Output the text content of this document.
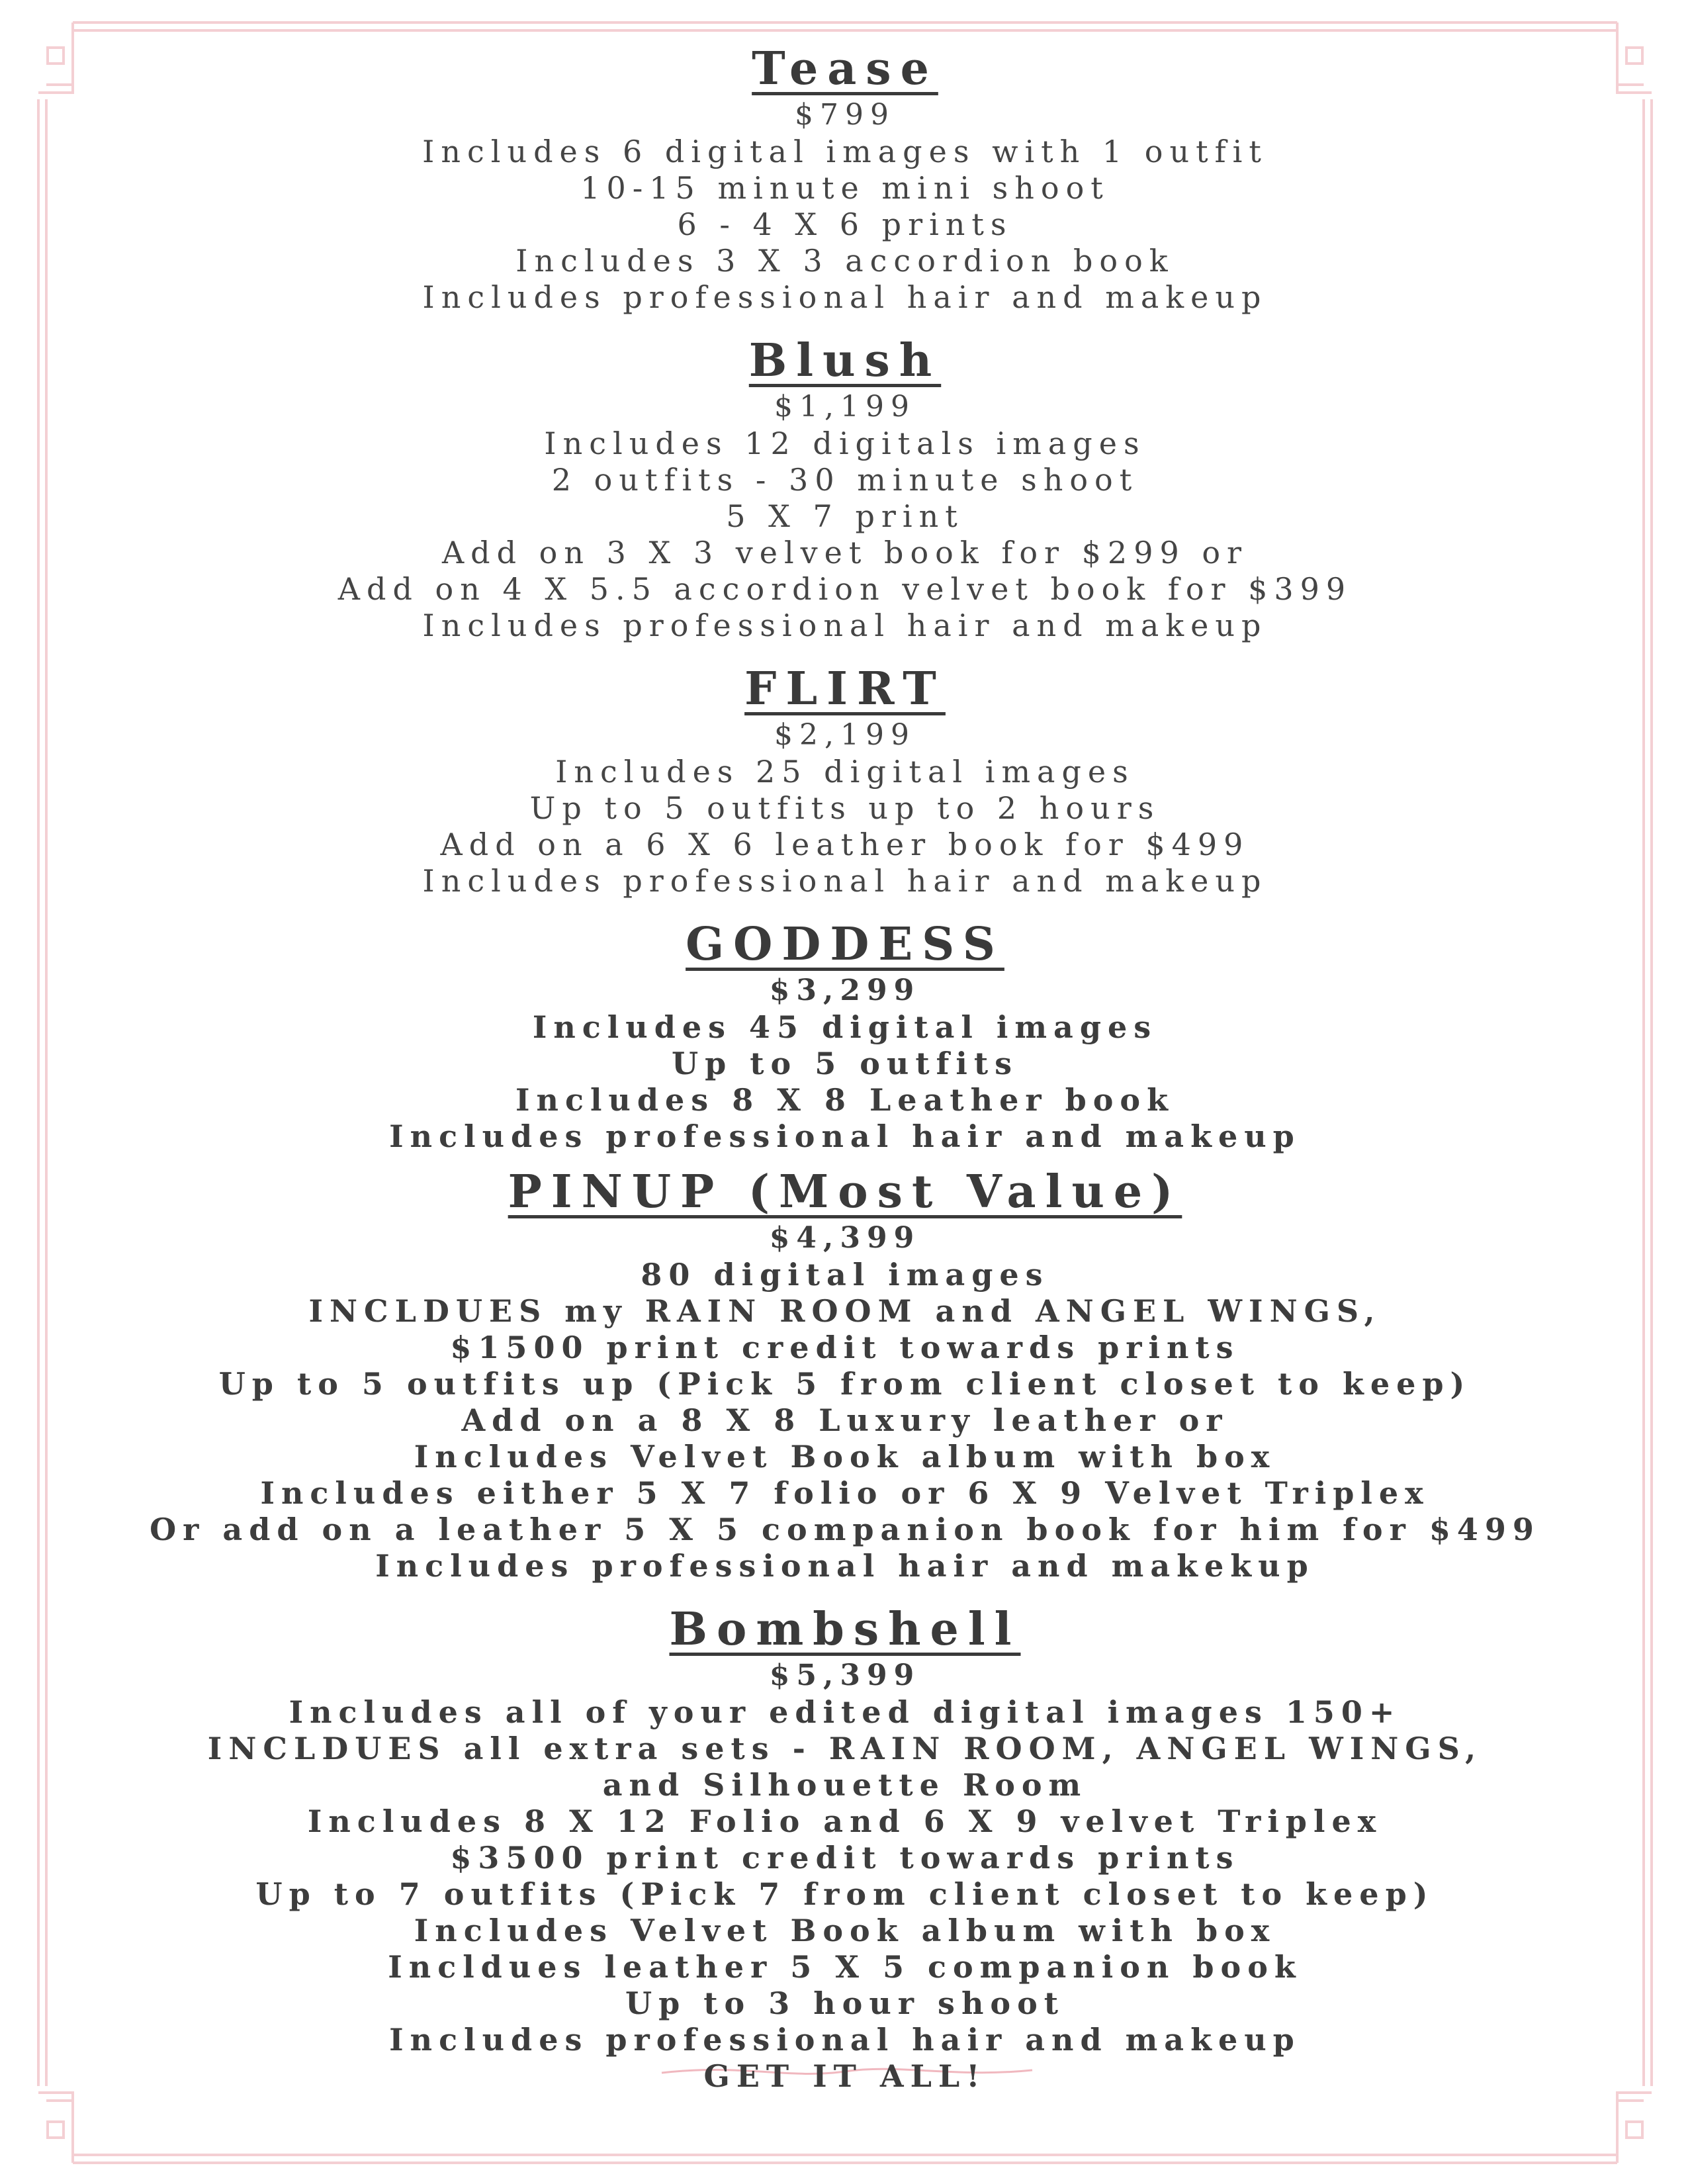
Tease
$799
Includes 6 digital images with 1 outfit
10-15 minute mini shoot
6 - 4 X 6 prints
Includes 3 X 3 accordion book
Includes professional hair and makeup
Blush
$1,199
Includes 12 digitals images
2 outfits - 30 minute shoot
5 X 7 print
Add on 3 X 3 velvet book for $299 or
Add on 4 X 5.5 accordion velvet book for $399
Includes professional hair and makeup
FLIRT
$2,199
Includes 25 digital images
Up to 5 outfits up to 2 hours
Add on a 6 X 6 leather book for $499
Includes professional hair and makeup
GODDESS
$3,299
Includes 45 digital images
Up to 5 outfits
Includes 8 X 8 Leather book
Includes professional hair and makeup
PINUP (Most Value)
$4,399
80 digital images
INCLDUES my RAIN ROOM and ANGEL WINGS,
$1500 print credit towards prints
Up to 5 outfits up (Pick 5 from client closet to keep)
Add on a 8 X 8 Luxury leather or
Includes Velvet Book album with box
Includes either 5 X 7 folio or 6 X 9 Velvet Triplex
Or add on a leather 5 X 5 companion book for him for $499
Includes professional hair and makekup
Bombshell
$5,399
Includes all of your edited digital images 150+
INCLDUES all extra sets - RAIN ROOM, ANGEL WINGS,
and Silhouette Room
Includes 8 X 12 Folio and 6 X 9 velvet Triplex
$3500 print credit towards prints
Up to 7 outfits (Pick 7 from client closet to keep)
Includes Velvet Book album with box
Incldues leather 5 X 5 companion book
Up to 3 hour shoot
Includes professional hair and makeup
GET IT ALL!
